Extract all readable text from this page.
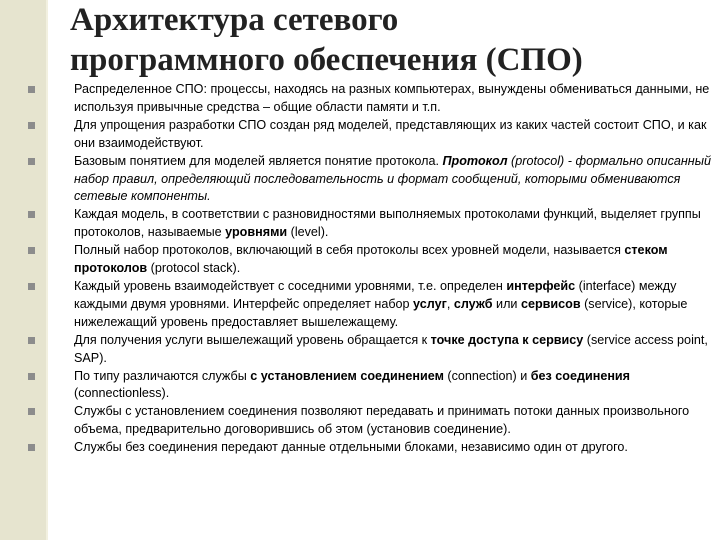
Архитектура сетевого
программного обеспечения (СПО)
Распределенное СПО: процессы, находясь на разных компьютерах, вынуждены обмениваться данными, не используя привычные средства – общие области памяти и т.п.
Для упрощения разработки СПО создан ряд моделей, представляющих из каких частей состоит СПО, и как они взаимодействуют.
Базовым понятием для моделей является понятие протокола. Протокол (protocol) - формально описанный набор правил, определяющий последовательность и формат сообщений, которыми обмениваются сетевые компоненты.
Каждая модель, в соответствии с разновидностями выполняемых протоколами функций, выделяет группы протоколов, называемые уровнями (level).
Полный набор протоколов, включающий в себя протоколы всех уровней модели, называется стеком протоколов (protocol stack).
Каждый уровень взаимодействует с соседними уровнями, т.е. определен интерфейс (interface) между каждыми двумя уровнями. Интерфейс определяет набор услуг, служб или сервисов (service), которые нижележащий уровень предоставляет вышележащему.
Для получения услуги вышележащий уровень обращается к точке доступа к сервису (service access point, SAP).
По типу различаются службы с установлением соединением (connection) и без соединения (connectionless).
Службы с установлением соединения позволяют передавать и принимать потоки данных произвольного объема, предварительно договорившись об этом (установив соединение).
Службы без соединения передают данные отдельными блоками, независимо один от другого.
